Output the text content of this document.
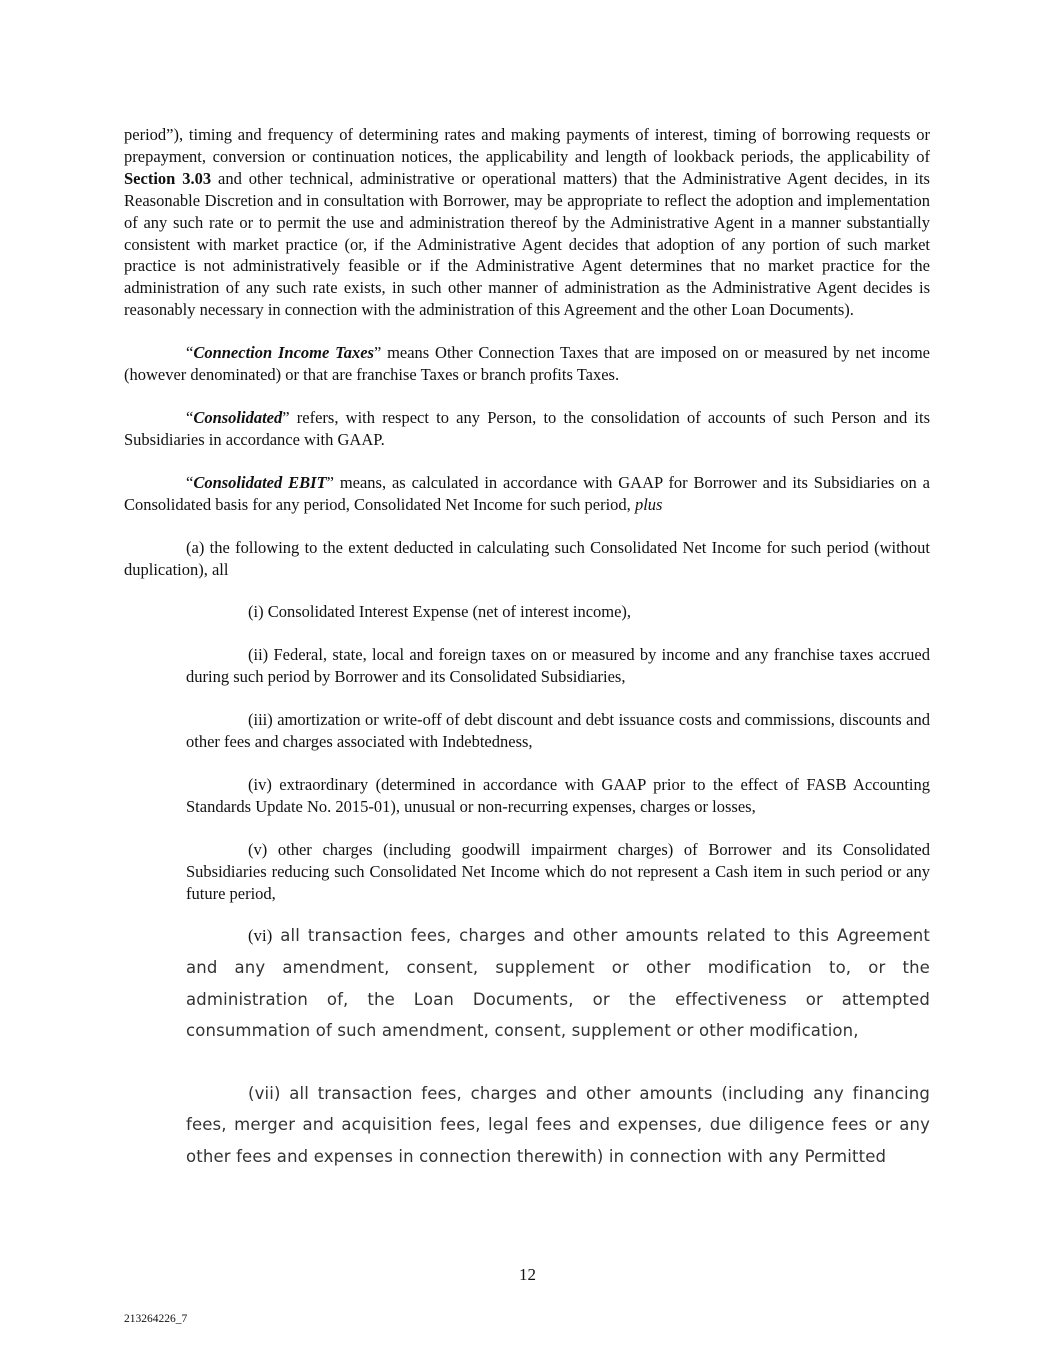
period”), timing and frequency of determining rates and making payments of interest, timing of borrowing requests or prepayment, conversion or continuation notices, the applicability and length of lookback periods, the applicability of Section 3.03 and other technical, administrative or operational matters) that the Administrative Agent decides, in its Reasonable Discretion and in consultation with Borrower, may be appropriate to reflect the adoption and implementation of any such rate or to permit the use and administration thereof by the Administrative Agent in a manner substantially consistent with market practice (or, if the Administrative Agent decides that adoption of any portion of such market practice is not administratively feasible or if the Administrative Agent determines that no market practice for the administration of any such rate exists, in such other manner of administration as the Administrative Agent decides is reasonably necessary in connection with the administration of this Agreement and the other Loan Documents).

“Connection Income Taxes” means Other Connection Taxes that are imposed on or measured by net income (however denominated) or that are franchise Taxes or branch profits Taxes.

“Consolidated” refers, with respect to any Person, to the consolidation of accounts of such Person and its Subsidiaries in accordance with GAAP.

“Consolidated EBIT” means, as calculated in accordance with GAAP for Borrower and its Subsidiaries on a Consolidated basis for any period, Consolidated Net Income for such period, plus

(a) the following to the extent deducted in calculating such Consolidated Net Income for such period (without duplication), all

(i) Consolidated Interest Expense (net of interest income),

(ii) Federal, state, local and foreign taxes on or measured by income and any franchise taxes accrued during such period by Borrower and its Consolidated Subsidiaries,

(iii) amortization or write-off of debt discount and debt issuance costs and commissions, discounts and other fees and charges associated with Indebtedness,

(iv) extraordinary (determined in accordance with GAAP prior to the effect of FASB Accounting Standards Update No. 2015-01), unusual or non-recurring expenses, charges or losses,

(v) other charges (including goodwill impairment charges) of Borrower and its Consolidated Subsidiaries reducing such Consolidated Net Income which do not represent a Cash item in such period or any future period,

(vi) all transaction fees, charges and other amounts related to this Agreement and any amendment, consent, supplement or other modification to, or the administration of, the Loan Documents, or the effectiveness or attempted consummation of such amendment, consent, supplement or other modification,

(vii) all transaction fees, charges and other amounts (including any financing fees, merger and acquisition fees, legal fees and expenses, due diligence fees or any other fees and expenses in connection therewith) in connection with any Permitted

12
213264226_7
